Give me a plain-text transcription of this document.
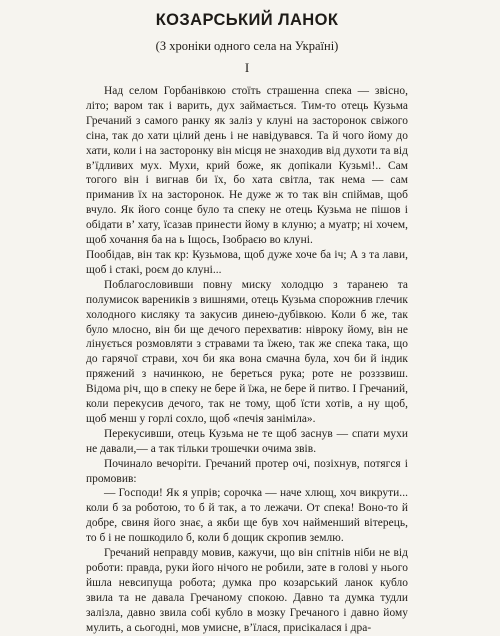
КОЗАРСЬКИЙ ЛАНОК
(З хроніки одного села на Україні)
І

Над селом Горбанівкою стоїть страшенна спека — звісно, літо; варом так і варить, дух займається. Тим-то отець Кузьма Гречаний з самого ранку як заліз у клуні на засторонок свіжого сіна, так до хати цілий день і не навідувався. Та й чого йому до хати, коли і на засторонку він місця не знаходив від духоти та від в’їдливих мух. Мухи, крий боже, як допікали Кузьмі!.. Сам тогого він і вигнав би їх, бо хата світла, так нема — сам приманив їх на засторонок. Не дуже ж то так він спіймав, щоб вчуло. Як його сонце було та спеку не отець Кузьма не пішов і обідати в’ хату, їсазав принести йому в клуню; а муатр; ні хочем, щоб хочання ба на ь Іщось, Ізобраєю во клуні.

Пообідав, він так кр: Кузьмова, щоб дуже хоче ба іч; А з та лави, щоб і стакі, роєм до клуні...

Поблагословивши повну миску холодцю з таранею та полумисок вареників з вишнями, отець Кузьма спорожнив глечик холодного кисляку та закусив динею-дубівкою. Коли б же, так було млосно, він би ще дечого перехватив: нівроку йому, він не лінується розмовляти з стравами та їжею, так же спека така, що до гарячої страви, хоч би яка вона смачна була, хоч би й індик пряжений з начинкою, не береться рука; роте не розззвиш. Відома річ, що в спеку не бере й їжа, не бере й питво. І Гречаний, коли перекусив дечого, так не тому, щоб їсти хотів, а ну щоб, щоб менш у горлі сохло, щоб «печія заніміла».

Перекусивши, отець Кузьма не те щоб заснув — спати мухи не давали,— а так тільки трошечки очима звів.

Починало вечоріти. Гречаний протер очі, позіхнув, потягся і промовив:

— Господи! Як я упрів; сорочка — наче хлющ, хоч викрути... коли б за роботою, то б й так, а то лежачи. От спека! Воно-то й добре, свиня його знає, а якби ще був хоч найменший вітерець, то б і не пошкодило б, коли б дощик скропив землю.

Гречаний неправду мовив, кажучи, що він спітнів ніби не від роботи: правда, руки його нічого не робили, зате в голові у нього йшла невсипуща робота; думка про козарський ланок кубло звила та не давала Гречаному спокою. Давно та думка тудли залізла, давно звила собі кубло в мозку Гречаного і давно йому мулить, а сьогодні, мов умисне, в’їлася, присікалася і дра-
